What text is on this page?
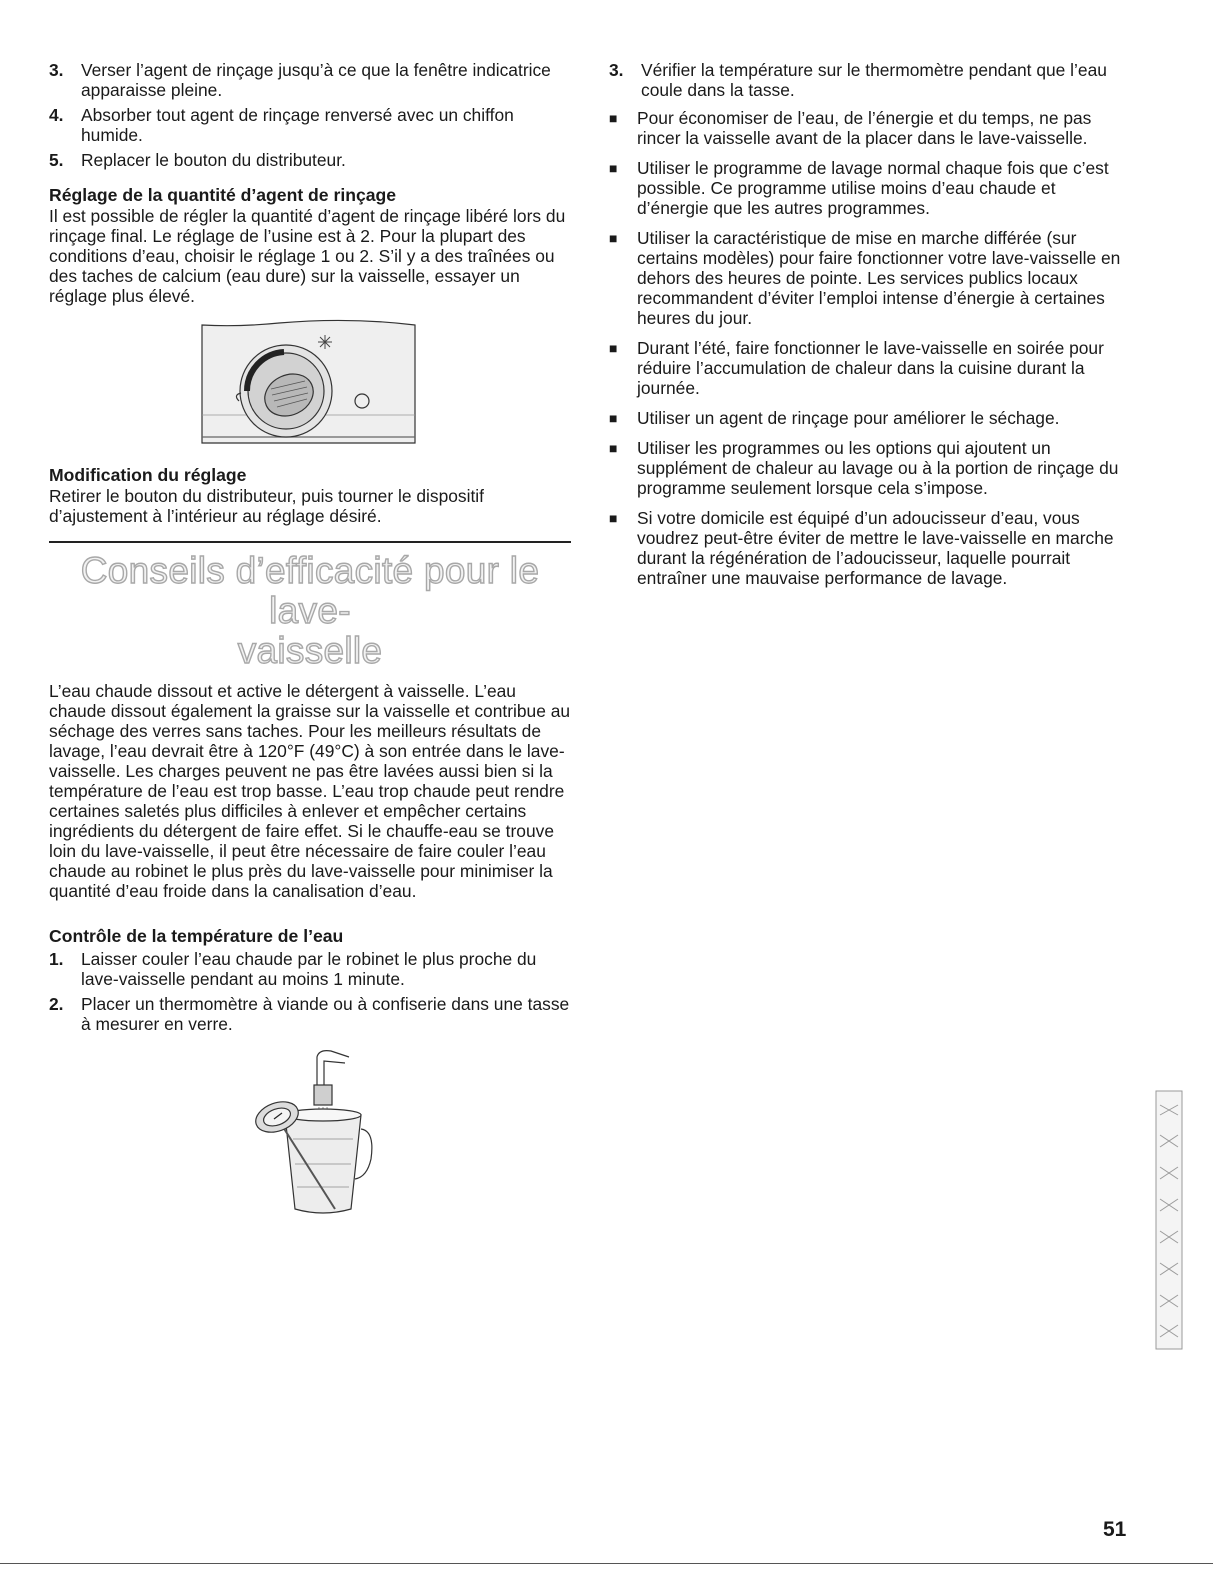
3.	Verser l’agent de rinçage jusqu’à ce que la fenêtre indicatrice apparaisse pleine.
4.	Absorber tout agent de rinçage renversé avec un chiffon humide.
5.	Replacer le bouton du distributeur.
Réglage de la quantité d’agent de rinçage

Il est possible de régler la quantité d’agent de rinçage libéré lors du rinçage final. Le réglage de l’usine est à 2. Pour la plupart des conditions d’eau, choisir le réglage 1 ou 2. S’il y a des traînées ou des taches de calcium (eau dure) sur la vaisselle, essayer un réglage plus élevé.

Modification du réglage

Retirer le bouton du distributeur, puis tourner le dispositif d’ajustement à l’intérieur au réglage désiré.

Conseils d’efficacité pour le lave-
vaisselle

L’eau chaude dissout et active le détergent à vaisselle. L’eau chaude dissout également la graisse sur la vaisselle et contribue au séchage des verres sans taches. Pour les meilleurs résultats de lavage, l’eau devrait être à 120°F (49°C) à son entrée dans le lave-vaisselle. Les charges peuvent ne pas être lavées aussi bien si la température de l’eau est trop basse. L’eau trop chaude peut rendre certaines saletés plus difficiles à enlever et empêcher certains ingrédients du détergent de faire effet. Si le chauffe-eau se trouve loin du lave-vaisselle, il peut être nécessaire de faire couler l’eau chaude au robinet le plus près du lave-vaisselle pour minimiser la quantité d’eau froide dans la canalisation d’eau.

Contrôle de la température de l’eau
1.	Laisser couler l’eau chaude par le robinet le plus proche du lave-vaisselle pendant au moins 1 minute.
2.	Placer un thermomètre à viande ou à confiserie dans une tasse à mesurer en verre.
3.	Vérifier la température sur le thermomètre pendant que l’eau coule dans la tasse.
■	Pour économiser de l’eau, de l’énergie et du temps, ne pas rincer la vaisselle avant de la placer dans le lave-vaisselle.
■	Utiliser le programme de lavage normal chaque fois que c’est possible. Ce programme utilise moins d’eau chaude et d’énergie que les autres programmes.
■	Utiliser la caractéristique de mise en marche différée (sur certains modèles) pour faire fonctionner votre lave-vaisselle en dehors des heures de pointe. Les services publics locaux recommandent d’éviter l’emploi intense d’énergie à certaines heures du jour.
■	Durant l’été, faire fonctionner le lave-vaisselle en soirée pour réduire l’accumulation de chaleur dans la cuisine durant la journée.
■	Utiliser un agent de rinçage pour améliorer le séchage.
■	Utiliser les programmes ou les options qui ajoutent un supplément de chaleur au lavage ou à la portion de rinçage du programme seulement lorsque cela s’impose.
■	Si votre domicile est équipé d’un adoucisseur d’eau, vous voudrez peut-être éviter de mettre le lave-vaisselle en marche durant la régénération de l’adoucisseur, laquelle pourrait entraîner une mauvaise performance de lavage.
51
